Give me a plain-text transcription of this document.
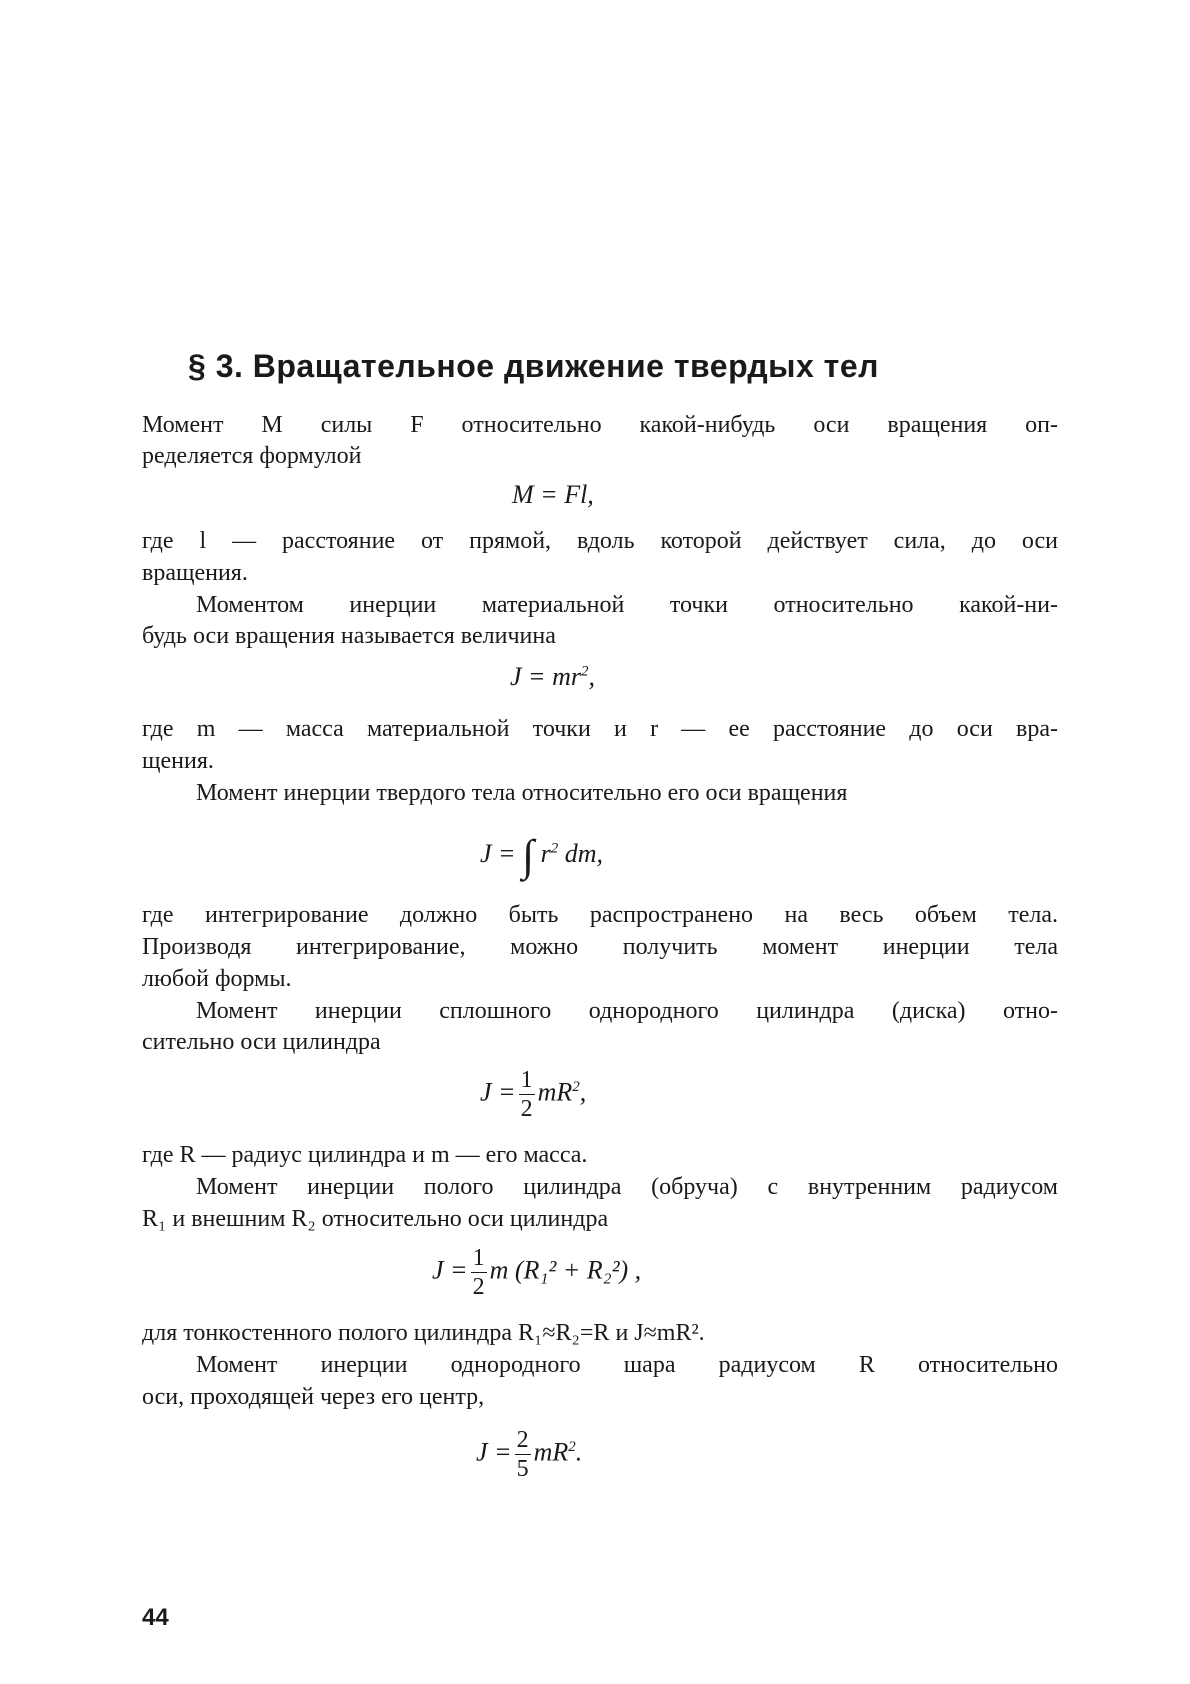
§ 3. Вращательное движение твердых тел
Момент M силы F относительно какой-нибудь оси вращения оп-
ределяется формулой
M = Fl,
где l — расстояние от прямой, вдоль которой действует сила, до оси
вращения.
Моментом инерции материальной точки относительно какой-ни-
будь оси вращения называется величина
$J = mr^2$,
где m — масса материальной точки и r — ее расстояние до оси вра-
щения.
Момент инерции твердого тела относительно его оси вращения
J = ∫ $r^2$ dm,
где интегрирование должно быть распространено на весь объем тела.
Производя интегрирование, можно получить момент инерции тела
любой формы.
Момент инерции сплошного однородного цилиндра (диска) отно-
сительно оси цилиндра
$J = \frac{1}{2} mR^2$,
где R — радиус цилиндра и m — его масса.
Момент инерции полого цилиндра (обруча) с внутренним радиусом
R₁ и внешним R₂ относительно оси цилиндра
$J = \frac{1}{2}$ m (R₁² + R₂²) ,
для тонкостенного полого цилиндра R₁≈R₂=R и J≈mR².
Момент инерции однородного шара радиусом R относительно
оси, проходящей через его центр,
$J = \frac{2}{5} mR^2$.
44
